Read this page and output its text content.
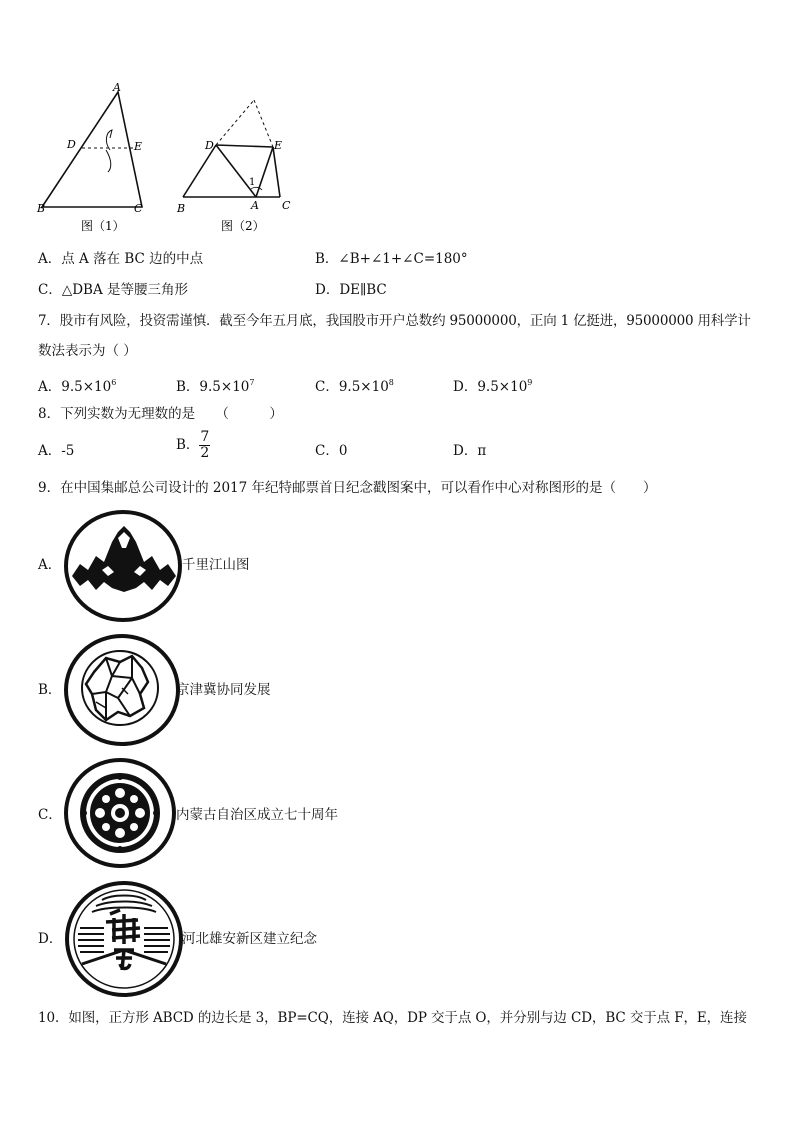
A
D	E
B	C
图（1）
D	E
1
B	A C
图（2）
A．点 A 落在 BC 边的中点	B．∠B+∠1+∠C=180°
C．△DBA 是等腰三角形	D．DE∥BC
7．股市有风险，投资需谨慎．截至今年五月底，我国股市开户总数约 95000000，正向 1 亿挺进，95000000 用科学计
数法表示为（ ）
A．$9.5\times 10^6$	B．$9.5\times 10^7$	C．$9.5\times 10^8$	D．$9.5\times 10^9$
8．下列实数为无理数的是　　（　　　）
A．-5	B． $\frac{7}{2}$	C．0	D．π
9．在中国集邮总公司设计的 2017 年纪特邮票首日纪念戳图案中，可以看作中心对称图形的是（　　）
A．	千里江山图
B．	京津冀协同发展
C．	内蒙古自治区成立七十周年
D．	河北雄安新区建立纪念
10．如图，正方形 ABCD 的边长是 3，BP=CQ，连接 AQ，DP 交于点 O，并分别与边 CD，BC 交于点 F，E，连接
